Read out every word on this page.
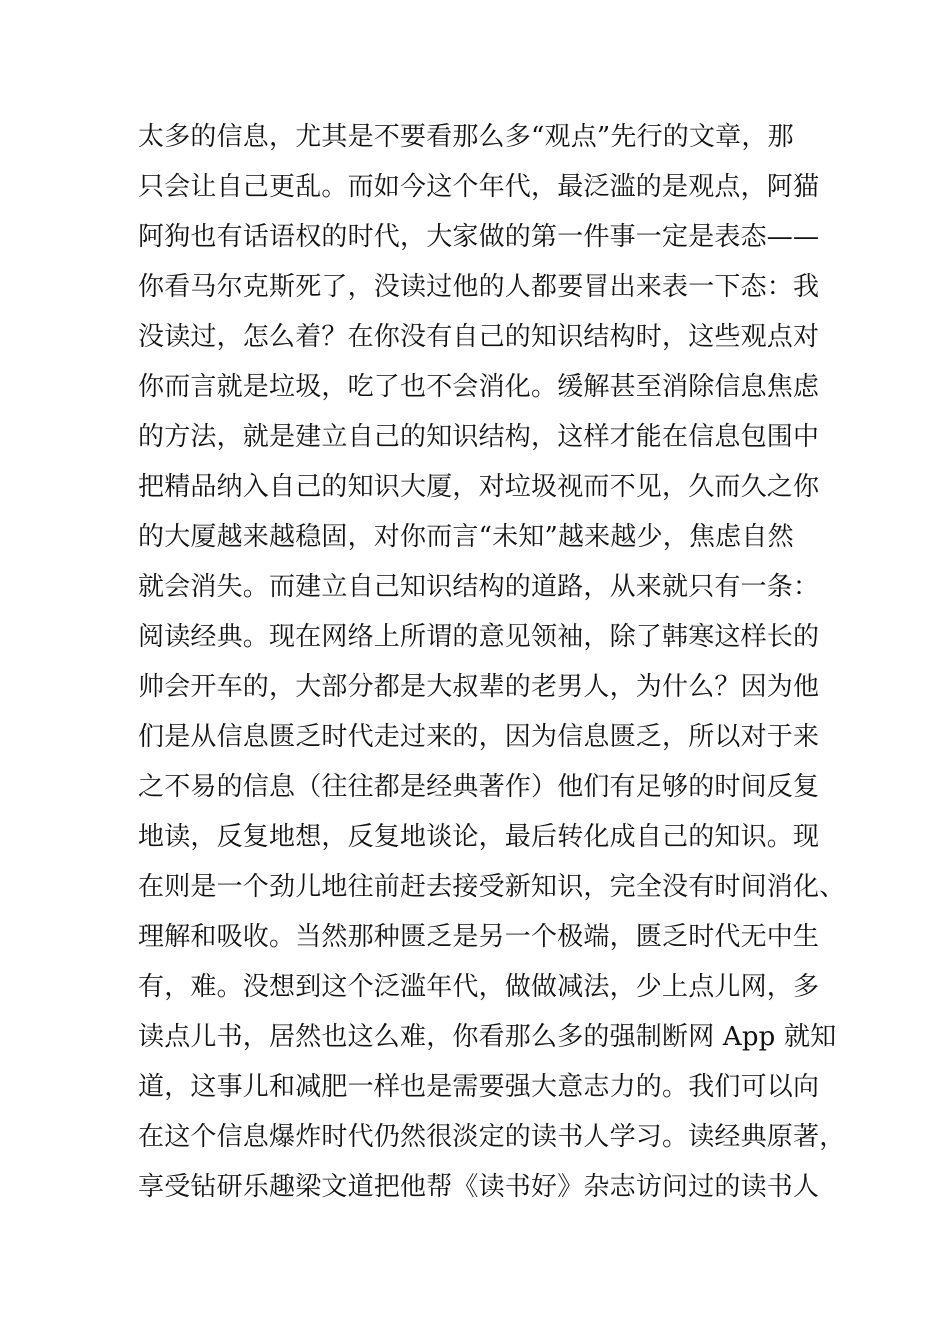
太多的信息，尤其是不要看那么多“观点”先行的文章，那
只会让自己更乱。而如今这个年代，最泛滥的是观点，阿猫
阿狗也有话语权的时代，大家做的第一件事一定是表态——
你看马尔克斯死了，没读过他的人都要冒出来表一下态：我
没读过，怎么着？在你没有自己的知识结构时，这些观点对
你而言就是垃圾，吃了也不会消化。缓解甚至消除信息焦虑
的方法，就是建立自己的知识结构，这样才能在信息包围中
把精品纳入自己的知识大厦，对垃圾视而不见，久而久之你
的大厦越来越稳固，对你而言“未知”越来越少，焦虑自然
就会消失。而建立自己知识结构的道路，从来就只有一条：
阅读经典。现在网络上所谓的意见领袖，除了韩寒这样长的
帅会开车的，大部分都是大叔辈的老男人，为什么？因为他
们是从信息匮乏时代走过来的，因为信息匮乏，所以对于来
之不易的信息（往往都是经典著作）他们有足够的时间反复
地读，反复地想，反复地谈论，最后转化成自己的知识。现
在则是一个劲儿地往前赶去接受新知识，完全没有时间消化、
理解和吸收。当然那种匮乏是另一个极端，匮乏时代无中生
有，难。没想到这个泛滥年代，做做减法，少上点儿网，多
读点儿书，居然也这么难，你看那么多的强制断网 App 就知
道，这事儿和减肥一样也是需要强大意志力的。我们可以向
在这个信息爆炸时代仍然很淡定的读书人学习。读经典原著，
享受钻研乐趣梁文道把他帮《读书好》杂志访问过的读书人
